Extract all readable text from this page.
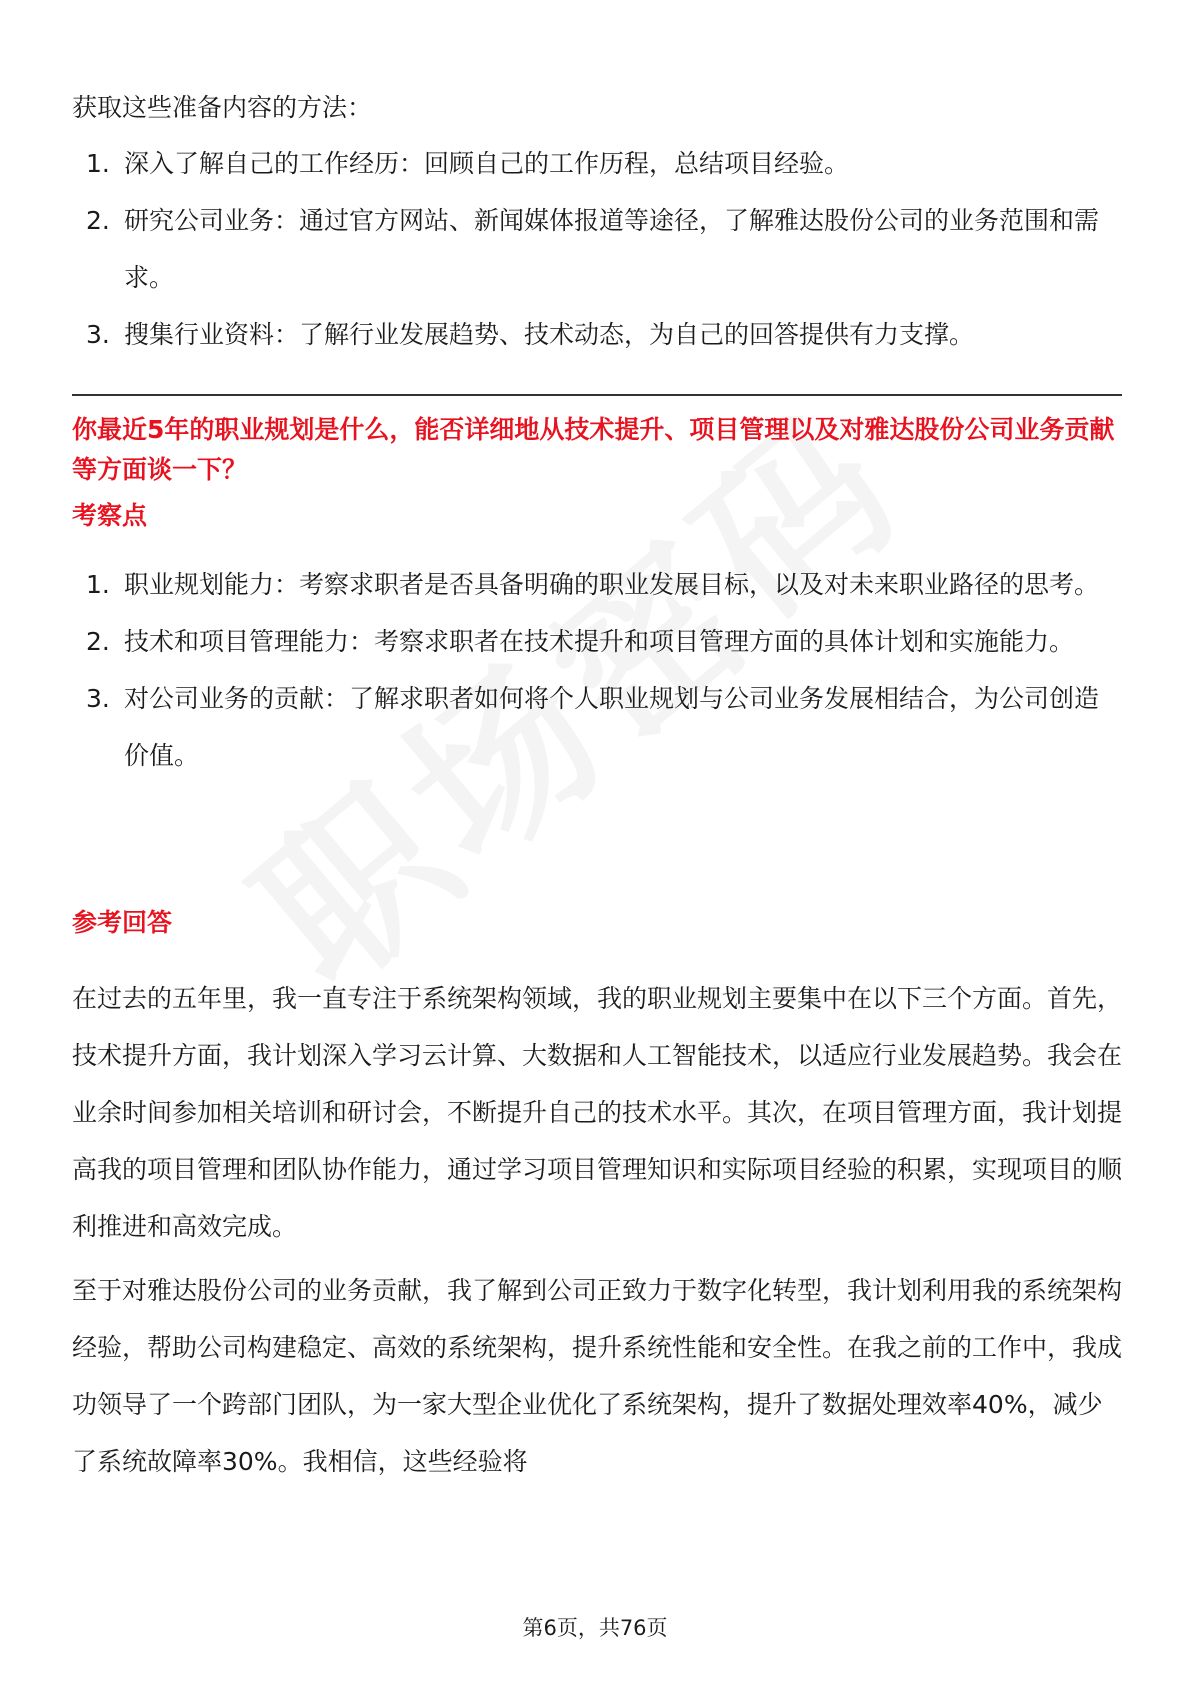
获取这些准备内容的方法：

1. 深入了解自己的工作经历：回顾自己的工作历程，总结项目经验。
2. 研究公司业务：通过官方网站、新闻媒体报道等途径，了解雅达股份公司的业务范围和需求。
3. 搜集行业资料：了解行业发展趋势、技术动态，为自己的回答提供有力支撑。
你最近5年的职业规划是什么，能否详细地从技术提升、项目管理以及对雅达股份公司业务贡献等方面谈一下？
考察点
1. 职业规划能力：考察求职者是否具备明确的职业发展目标，以及对未来职业路径的思考。
2. 技术和项目管理能力：考察求职者在技术提升和项目管理方面的具体计划和实施能力。
3. 对公司业务的贡献：了解求职者如何将个人职业规划与公司业务发展相结合，为公司创造价值。
参考回答

在过去的五年里，我一直专注于系统架构领域，我的职业规划主要集中在以下三个方面。首先，技术提升方面，我计划深入学习云计算、大数据和人工智能技术，以适应行业发展趋势。我会在业余时间参加相关培训和研讨会，不断提升自己的技术水平。其次，在项目管理方面，我计划提高我的项目管理和团队协作能力，通过学习项目管理知识和实际项目经验的积累，实现项目的顺利推进和高效完成。

至于对雅达股份公司的业务贡献，我了解到公司正致力于数字化转型，我计划利用我的系统架构经验，帮助公司构建稳定、高效的系统架构，提升系统性能和安全性。在我之前的工作中，我成功领导了一个跨部门团队，为一家大型企业优化了系统架构，提升了数据处理效率40%，减少了系统故障率30%。我相信，这些经验将

第6页，共76页
